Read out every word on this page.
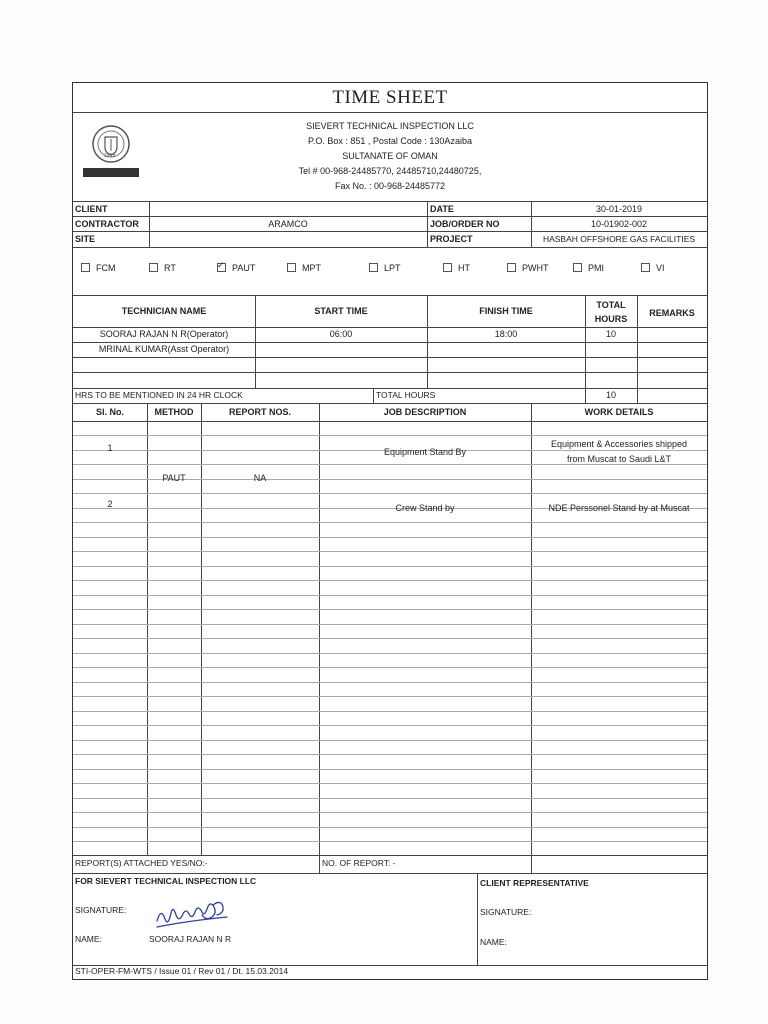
TIME SHEET
SIEVERT
1999
SIEVERT TECHNICAL INSPECTION LLC
P.O. Box : 851 , Postal Code : 130Azaiba
SULTANATE OF OMAN
Tel # 00-968-24485770, 24485710,24480725,
Fax No. : 00-968-24485772
CLIENT
ARAMCO
CONTRACTOR
SITE
DATE	30-01-2019
JOB/ORDER NO	10-01902-002
PROJECT	HASBAH OFFSHORE GAS FACILITIES
FCM	RT
✓	PAUT	MPT	LPT	HT	PWHT	PMI	VI
TECHNICIAN NAME	START TIME	FINISH TIME
TOTAL
HOURS
REMARKS
SOORAJ RAJAN N R(Operator)	06:00	18:00	10
MRINAL KUMAR(Asst Operator)
HRS TO BE MENTIONED IN 24 HR CLOCK	TOTAL HOURS	10
Sl. No.	METHOD	REPORT NOS.	JOB DESCRIPTION	WORK DETAILS
1	Equipment Stand By
Equipment & Accessories shipped
from Muscat to Saudi L&T
PAUT	NA
2	Crew Stand by	NDE Perssonel Stand by at Muscat
REPORT(S) ATTACHED YES/NO:-	NO. OF REPORT: -
FOR SIEVERT TECHNICAL INSPECTION LLC	CLIENT REPRESENTATIVE
SIGNATURE:	SIGNATURE:
NAME:	SOORAJ RAJAN N R	NAME:
STI-OPER-FM-WTS / Issue 01 / Rev 01 / Dt. 15.03.2014
